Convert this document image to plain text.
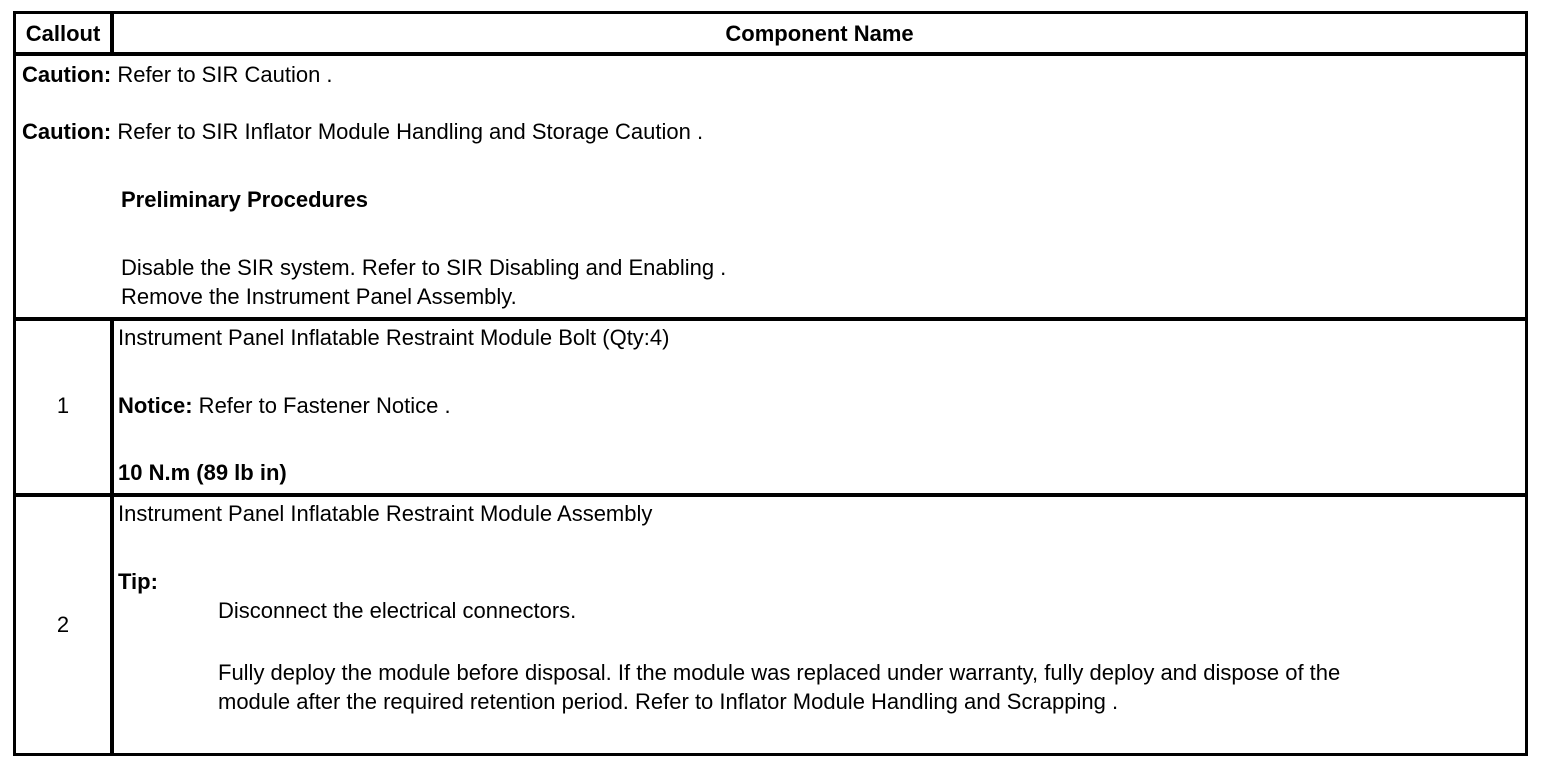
Callout	Component Name
Caution: Refer to SIR Caution .
Caution: Refer to SIR Inflator Module Handling and Storage Caution .
Preliminary Procedures
Disable the SIR system. Refer to SIR Disabling and Enabling .
Remove the Instrument Panel Assembly.
1
Instrument Panel Inflatable Restraint Module Bolt (Qty:4)
Notice: Refer to Fastener Notice .
10 N.m (89 lb in)
2
Instrument Panel Inflatable Restraint Module Assembly
Tip:
Disconnect the electrical connectors.
Fully deploy the module before disposal. If the module was replaced under warranty, fully deploy and dispose of the
module after the required retention period. Refer to Inflator Module Handling and Scrapping .
